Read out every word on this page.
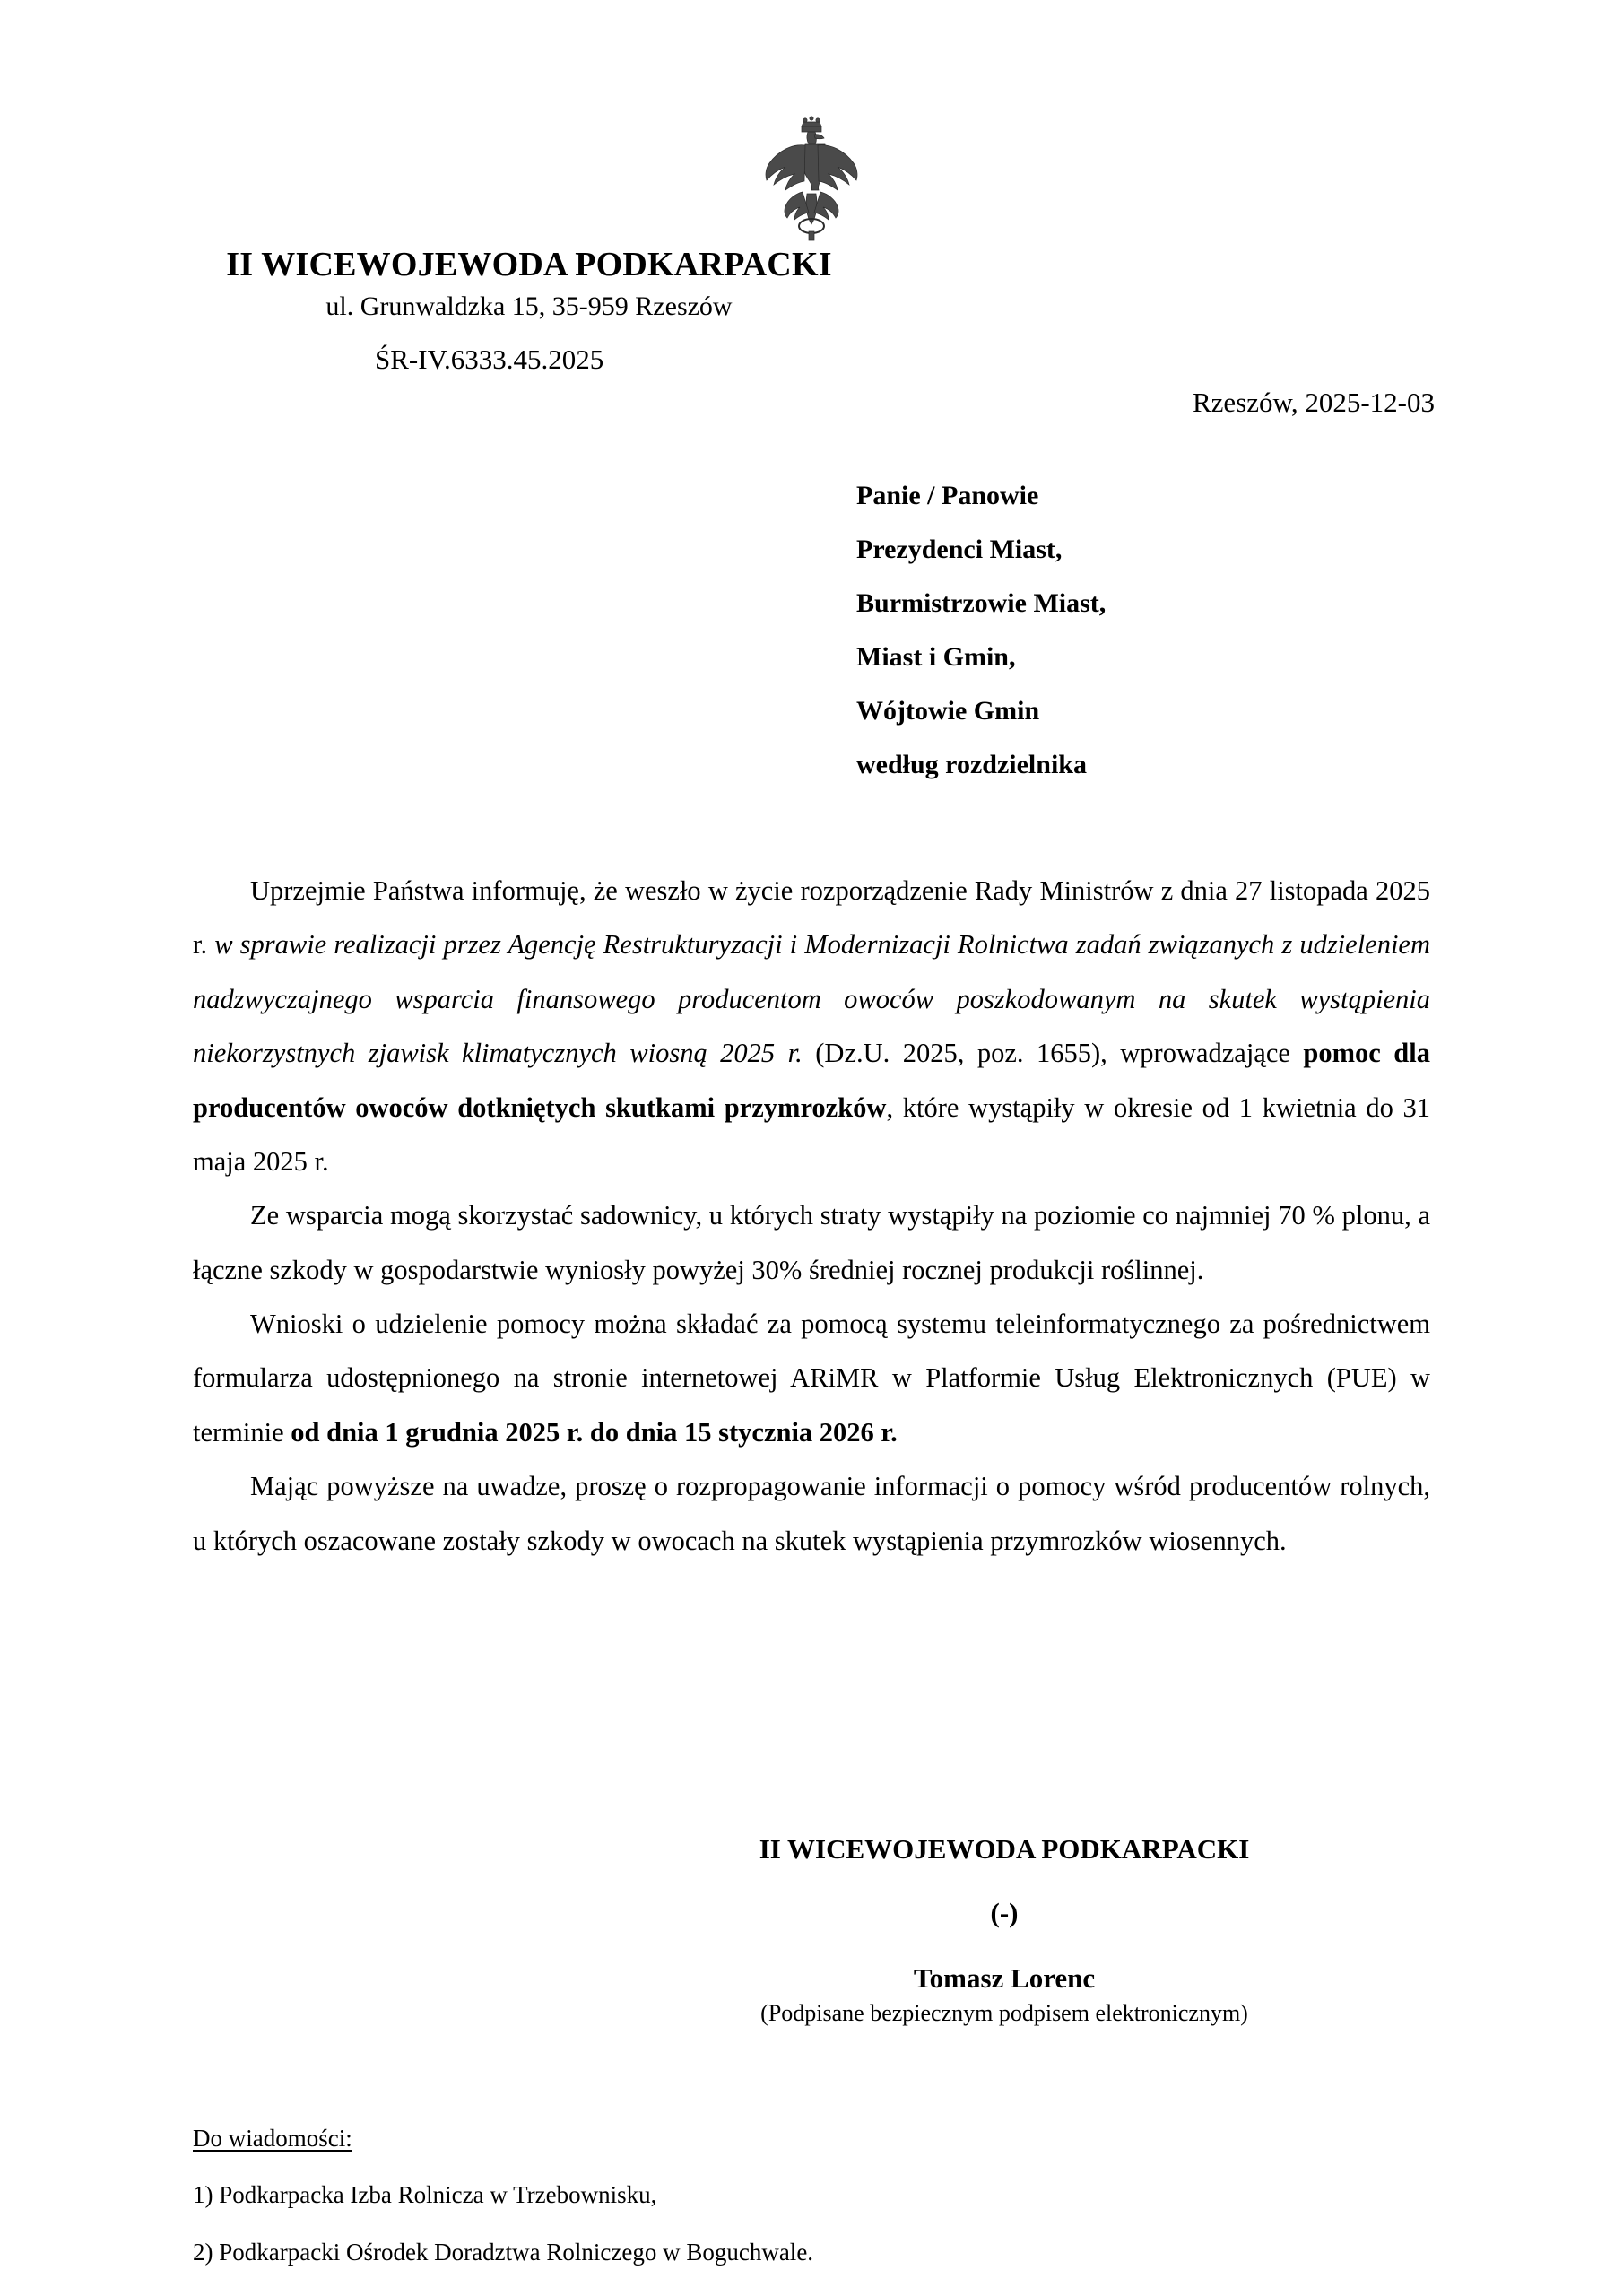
II WICEWOJEWODA PODKARPACKI
ul. Grunwaldzka 15, 35-959 Rzeszów
ŚR-IV.6333.45.2025
Rzeszów, 2025-12-03
Panie / Panowie
Prezydenci Miast,
Burmistrzowie Miast,
Miast i Gmin,
Wójtowie Gmin
według rozdzielnika

Uprzejmie Państwa informuję, że weszło w życie rozporządzenie Rady Ministrów z dnia 27 listopada 2025 r. w sprawie realizacji przez Agencję Restrukturyzacji i Modernizacji Rolnictwa zadań związanych z udzieleniem nadzwyczajnego wsparcia finansowego producentom owoców poszkodowanym na skutek wystąpienia niekorzystnych zjawisk klimatycznych wiosną 2025 r. (Dz.U. 2025, poz. 1655), wprowadzające pomoc dla producentów owoców dotkniętych skutkami przymrozków, które wystąpiły w okresie od 1 kwietnia do 31 maja 2025 r.

Ze wsparcia mogą skorzystać sadownicy, u których straty wystąpiły na poziomie co najmniej 70 % plonu, a łączne szkody w gospodarstwie wyniosły powyżej 30% średniej rocznej produkcji roślinnej.

Wnioski o udzielenie pomocy można składać za pomocą systemu teleinformatycznego za pośrednictwem formularza udostępnionego na stronie internetowej ARiMR w Platformie Usług Elektronicznych (PUE) w terminie od dnia 1 grudnia 2025 r. do dnia 15 stycznia 2026 r.

Mając powyższe na uwadze, proszę o rozpropagowanie informacji o pomocy wśród producentów rolnych, u których oszacowane zostały szkody w owocach na skutek wystąpienia przymrozków wiosennych.

II WICEWOJEWODA PODKARPACKI
(-)
Tomasz Lorenc
(Podpisane bezpiecznym podpisem elektronicznym)
Do wiadomości:
1) Podkarpacka Izba Rolnicza w Trzebownisku,
2) Podkarpacki Ośrodek Doradztwa Rolniczego w Boguchwale.
